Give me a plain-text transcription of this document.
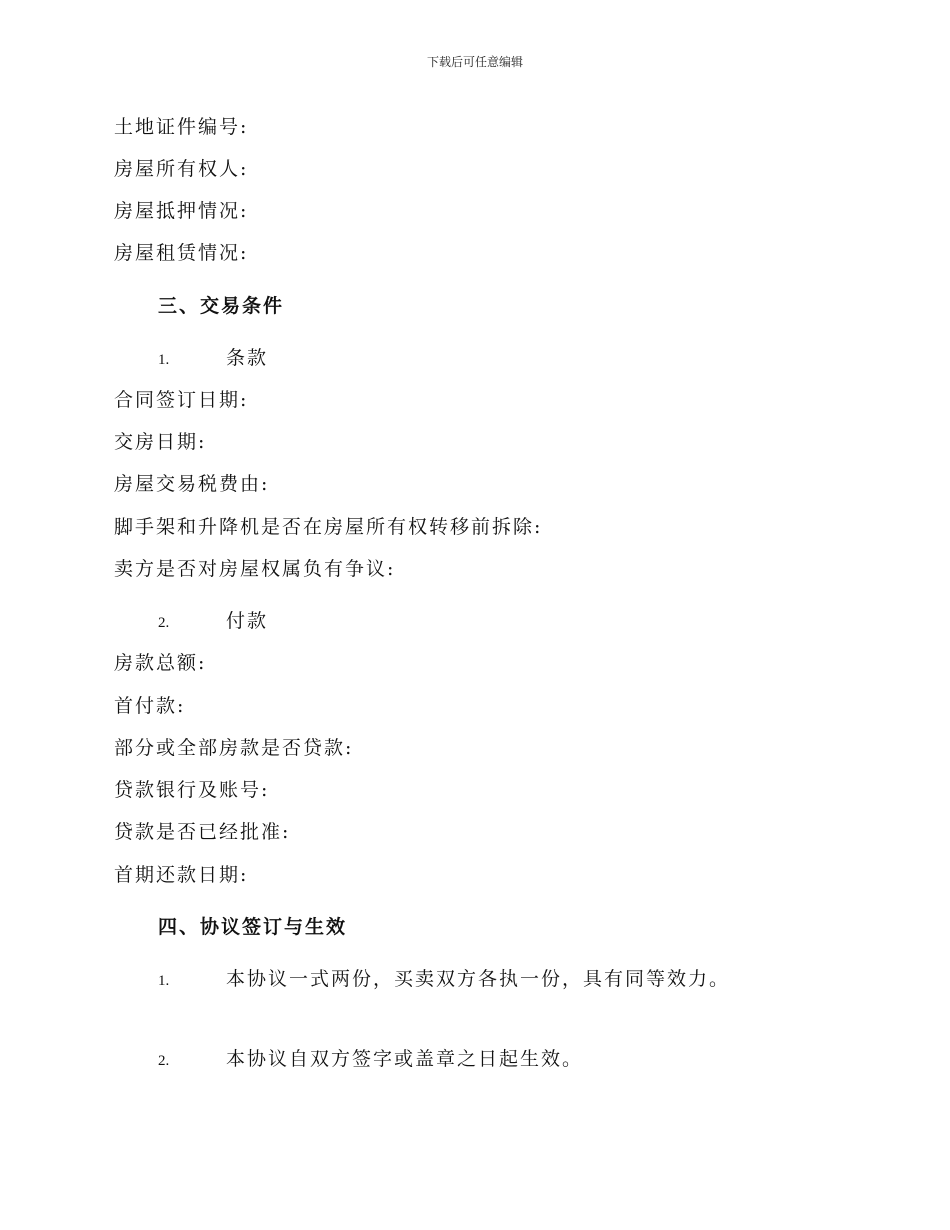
下载后可任意编辑
土地证件编号:
房屋所有权人:
房屋抵押情况:
房屋租赁情况:
三、交易条件
1.	条款
合同签订日期:
交房日期:
房屋交易税费由:
脚手架和升降机是否在房屋所有权转移前拆除:
卖方是否对房屋权属负有争议:
2.	付款
房款总额:
首付款:
部分或全部房款是否贷款:
贷款银行及账号:
贷款是否已经批准:
首期还款日期:
四、协议签订与生效
1.	本协议一式两份，买卖双方各执一份，具有同等效力。
2.	本协议自双方签字或盖章之日起生效。
